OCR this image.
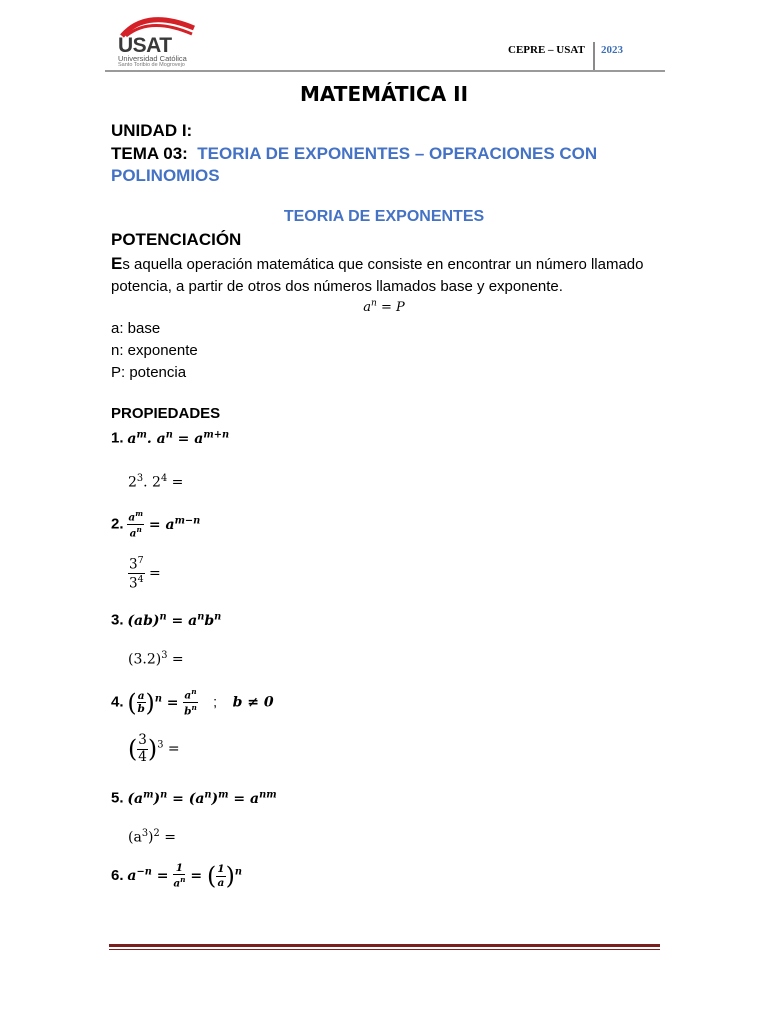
USAT
Universidad Católica
Santo Toribio de Mogrovejo
CEPRE – USAT 2023
MATEMÁTICA II
UNIDAD I:
TEMA 03: TEORIA DE EXPONENTES – OPERACIONES CON POLINOMIOS
TEORIA DE EXPONENTES
POTENCIACIÓN
Es aquella operación matemática que consiste en encontrar un número llamado potencia, a partir de otros dos números llamados base y exponente.
$a^n = P$
a: base
n: exponente
P: potencia
PROPIEDADES
1. $a^m$. $a^n = a^{m+n}$
$2^3$. $2^4$ =
2. $\frac{a^m}{a^n} = a^{m-n}$
$\frac{3^7}{3^4}$ =
3. $(ab)^n = a^nb^n$
$(3.2)^3$ =
4. ( $\frac{a}{b} )^n = \frac{a^n}{b^n}$ ;    b ≠ 0
( $\frac{3}{4} )^3$ =
5. $(a^m)^n = (a^n)^m = a^{nm}$
$(a^3)^2$ =
6. $a^{-n} = \frac{1}{a^n}$ = ( $\frac{1}{a} )^n$
